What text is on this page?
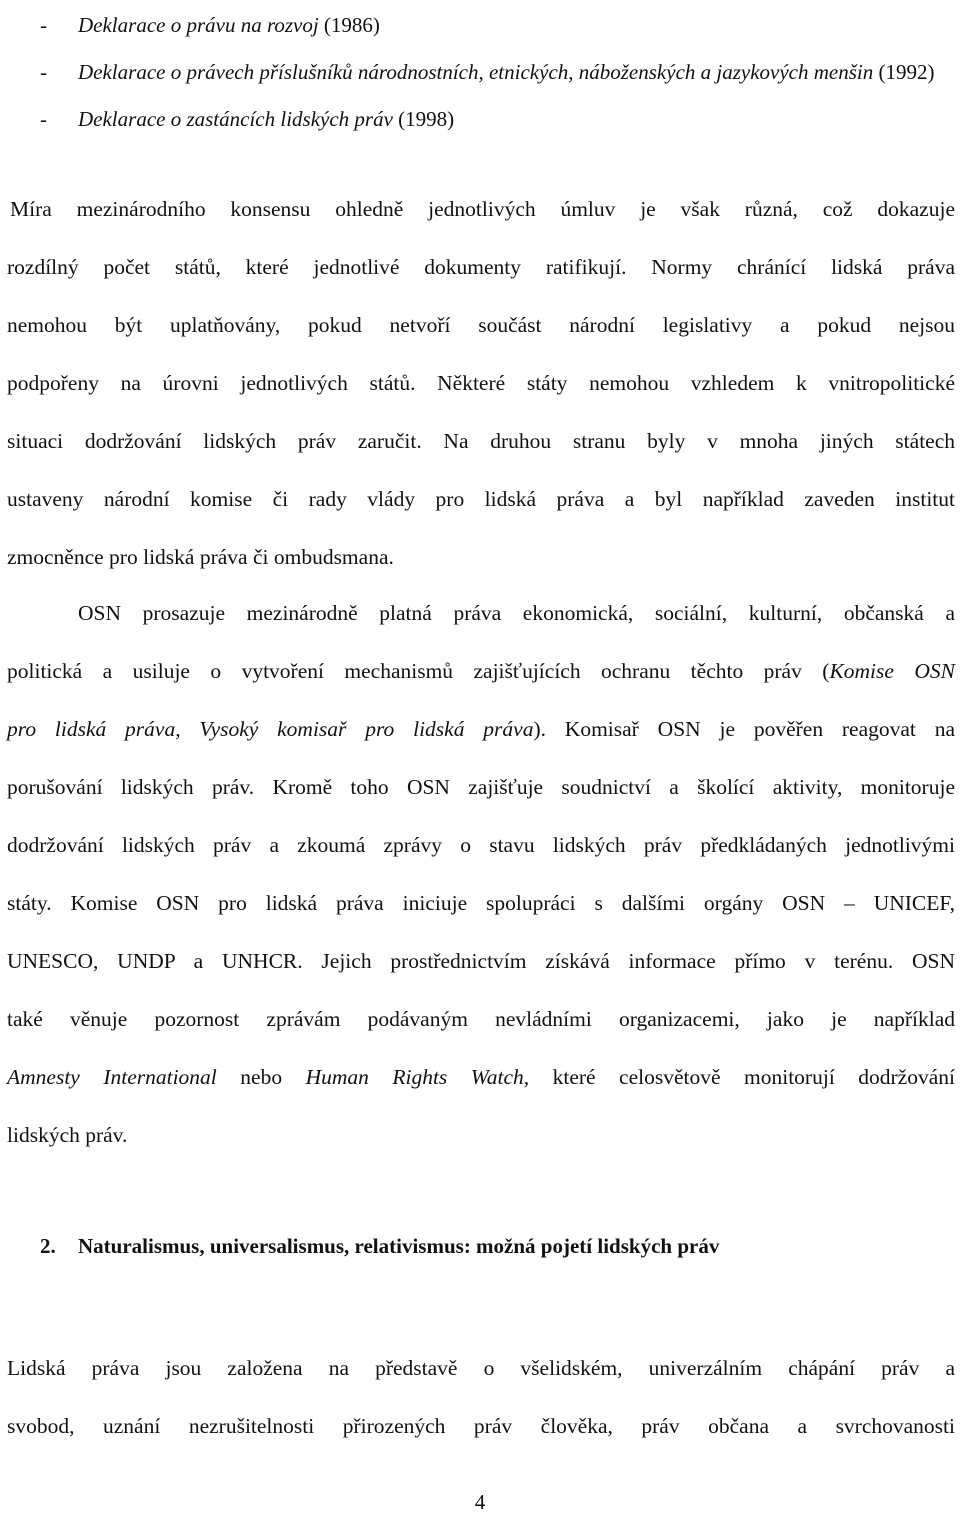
-	Deklarace o právu na rozvoj (1986)
-	Deklarace o právech příslušníků národnostních, etnických, náboženských a jazykových menšin (1992)
-	Deklarace o zastáncích lidských práv (1998)

Míra mezinárodního konsensu ohledně jednotlivých úmluv je však různá, což dokazuje
rozdílný počet států, které jednotlivé dokumenty ratifikují. Normy chránící lidská práva
nemohou být uplatňovány, pokud netvoří součást národní legislativy a pokud nejsou
podpořeny na úrovni jednotlivých států. Některé státy nemohou vzhledem k vnitropolitické
situaci dodržování lidských práv zaručit. Na druhou stranu byly v mnoha jiných státech
ustaveny národní komise či rady vlády pro lidská práva a byl například zaveden institut
zmocněnce pro lidská práva či ombudsmana.

OSN prosazuje mezinárodně platná práva ekonomická, sociální, kulturní, občanská a
politická a usiluje o vytvoření mechanismů zajišťujících ochranu těchto práv (Komise OSN
pro lidská práva, Vysoký komisař pro lidská práva). Komisař OSN je pověřen reagovat na
porušování lidských práv. Kromě toho OSN zajišťuje soudnictví a školící aktivity, monitoruje
dodržování lidských práv a zkoumá zprávy o stavu lidských práv předkládaných jednotlivými
státy. Komise OSN pro lidská práva iniciuje spolupráci s dalšími orgány OSN – UNICEF,
UNESCO, UNDP a UNHCR. Jejich prostřednictvím získává informace přímo v terénu. OSN
také věnuje pozornost zprávám podávaným nevládními organizacemi, jako je například
Amnesty International nebo Human Rights Watch, které celosvětově monitorují dodržování
lidských práv.

2. Naturalismus, universalismus, relativismus: možná pojetí lidských práv

Lidská práva jsou založena na představě o všelidském, univerzálním chápání práv a
svobod, uznání nezrušitelnosti přirozených práv člověka, práv občana a svrchovanosti

4
